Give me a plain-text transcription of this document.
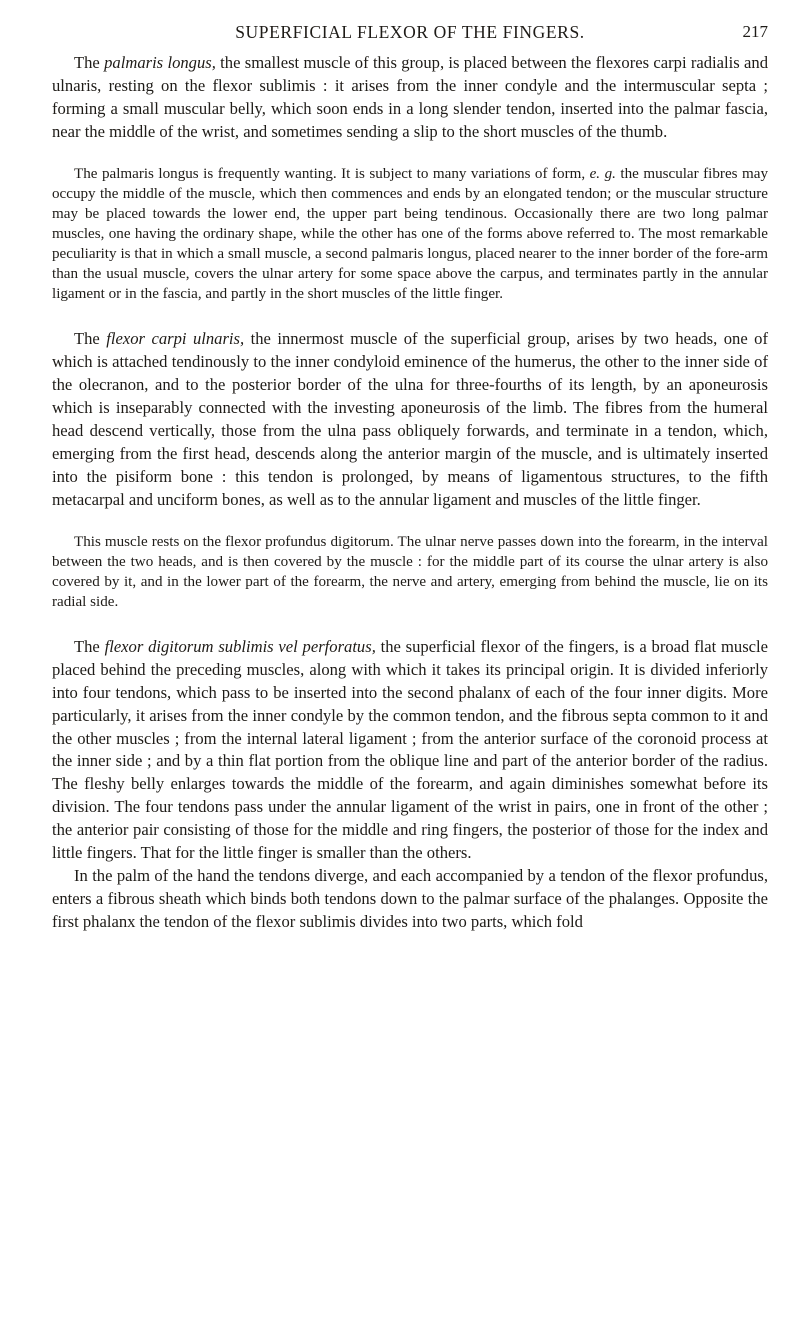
SUPERFICIAL FLEXOR OF THE FINGERS.	217

The palmaris longus, the smallest muscle of this group, is placed between the flexores carpi radialis and ulnaris, resting on the flexor sublimis : it arises from the inner condyle and the intermuscular septa ; forming a small muscular belly, which soon ends in a long slender tendon, inserted into the palmar fascia, near the middle of the wrist, and sometimes sending a slip to the short muscles of the thumb.

The palmaris longus is frequently wanting. It is subject to many variations of form, e. g. the muscular fibres may occupy the middle of the muscle, which then commences and ends by an elongated tendon; or the muscular structure may be placed towards the lower end, the upper part being tendinous. Occasionally there are two long palmar muscles, one having the ordinary shape, while the other has one of the forms above referred to. The most remarkable peculiarity is that in which a small muscle, a second palmaris longus, placed nearer to the inner border of the fore-arm than the usual muscle, covers the ulnar artery for some space above the carpus, and terminates partly in the annular ligament or in the fascia, and partly in the short muscles of the little finger.

The flexor carpi ulnaris, the innermost muscle of the superficial group, arises by two heads, one of which is attached tendinously to the inner condyloid eminence of the humerus, the other to the inner side of the olecranon, and to the posterior border of the ulna for three-fourths of its length, by an aponeurosis which is inseparably connected with the investing aponeurosis of the limb. The fibres from the humeral head descend vertically, those from the ulna pass obliquely forwards, and terminate in a tendon, which, emerging from the first head, descends along the anterior margin of the muscle, and is ultimately inserted into the pisiform bone : this tendon is prolonged, by means of ligamentous structures, to the fifth metacarpal and unciform bones, as well as to the annular ligament and muscles of the little finger.

This muscle rests on the flexor profundus digitorum. The ulnar nerve passes down into the forearm, in the interval between the two heads, and is then covered by the muscle : for the middle part of its course the ulnar artery is also covered by it, and in the lower part of the forearm, the nerve and artery, emerging from behind the muscle, lie on its radial side.

The flexor digitorum sublimis vel perforatus, the superficial flexor of the fingers, is a broad flat muscle placed behind the preceding muscles, along with which it takes its principal origin. It is divided inferiorly into four tendons, which pass to be inserted into the second phalanx of each of the four inner digits. More particularly, it arises from the inner condyle by the common tendon, and the fibrous septa common to it and the other muscles ; from the internal lateral ligament ; from the anterior surface of the coronoid process at the inner side ; and by a thin flat portion from the oblique line and part of the anterior border of the radius. The fleshy belly enlarges towards the middle of the forearm, and again diminishes somewhat before its division. The four tendons pass under the annular ligament of the wrist in pairs, one in front of the other ; the anterior pair consisting of those for the middle and ring fingers, the posterior of those for the index and little fingers. That for the little finger is smaller than the others.

In the palm of the hand the tendons diverge, and each accompanied by a tendon of the flexor profundus, enters a fibrous sheath which binds both tendons down to the palmar surface of the phalanges. Opposite the first phalanx the tendon of the flexor sublimis divides into two parts, which fold
